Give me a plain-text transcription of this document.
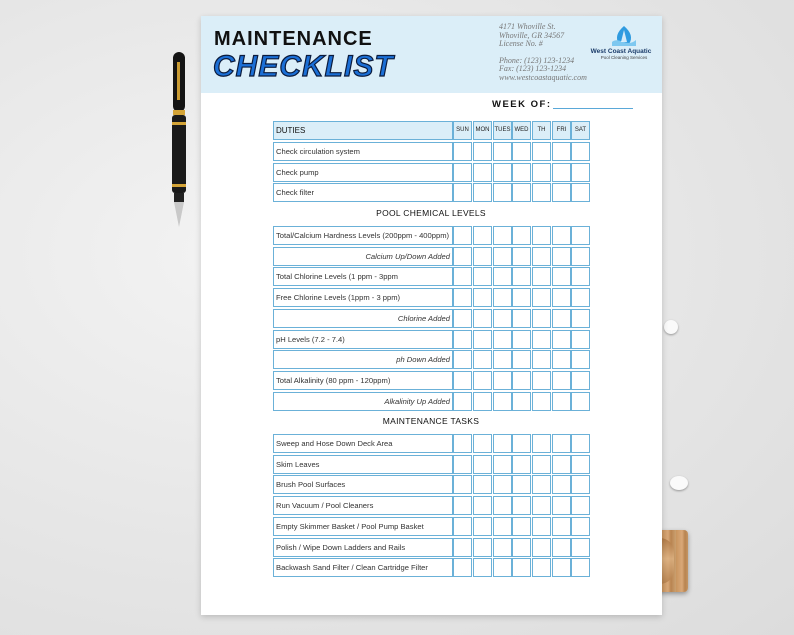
MAINTENANCE
CHECKLIST
4171 Whoville St.
Whoville, GR 34567
License No. #
Phone: (123) 123-1234
Fax: (123) 123-1234
www.westcoastaquatic.com
West Coast Aquatic
Pool Cleaning Services
WEEK OF:
DUTIES	SUN	MON TUES WED	TH	FRI	SAT
Check circulation system
Check pump
Check filter
POOL CHEMICAL LEVELS
Total/Calcium Hardness Levels (200ppm - 400ppm)
Calcium Up/Down Added
Total Chlorine Levels (1 ppm - 3ppm
Free Chlorine Levels (1ppm - 3 ppm)
Chlorine Added
pH Levels (7.2 - 7.4)
ph Down Added
Total Alkalinity (80 ppm - 120ppm)
Alkalinity Up Added
MAINTENANCE TASKS
Sweep and Hose Down Deck Area
Skim Leaves
Brush Pool Surfaces
Run Vacuum / Pool Cleaners
Empty Skimmer Basket / Pool Pump Basket
Polish / Wipe Down Ladders and Rails
Backwash Sand Filter / Clean Cartridge Filter
